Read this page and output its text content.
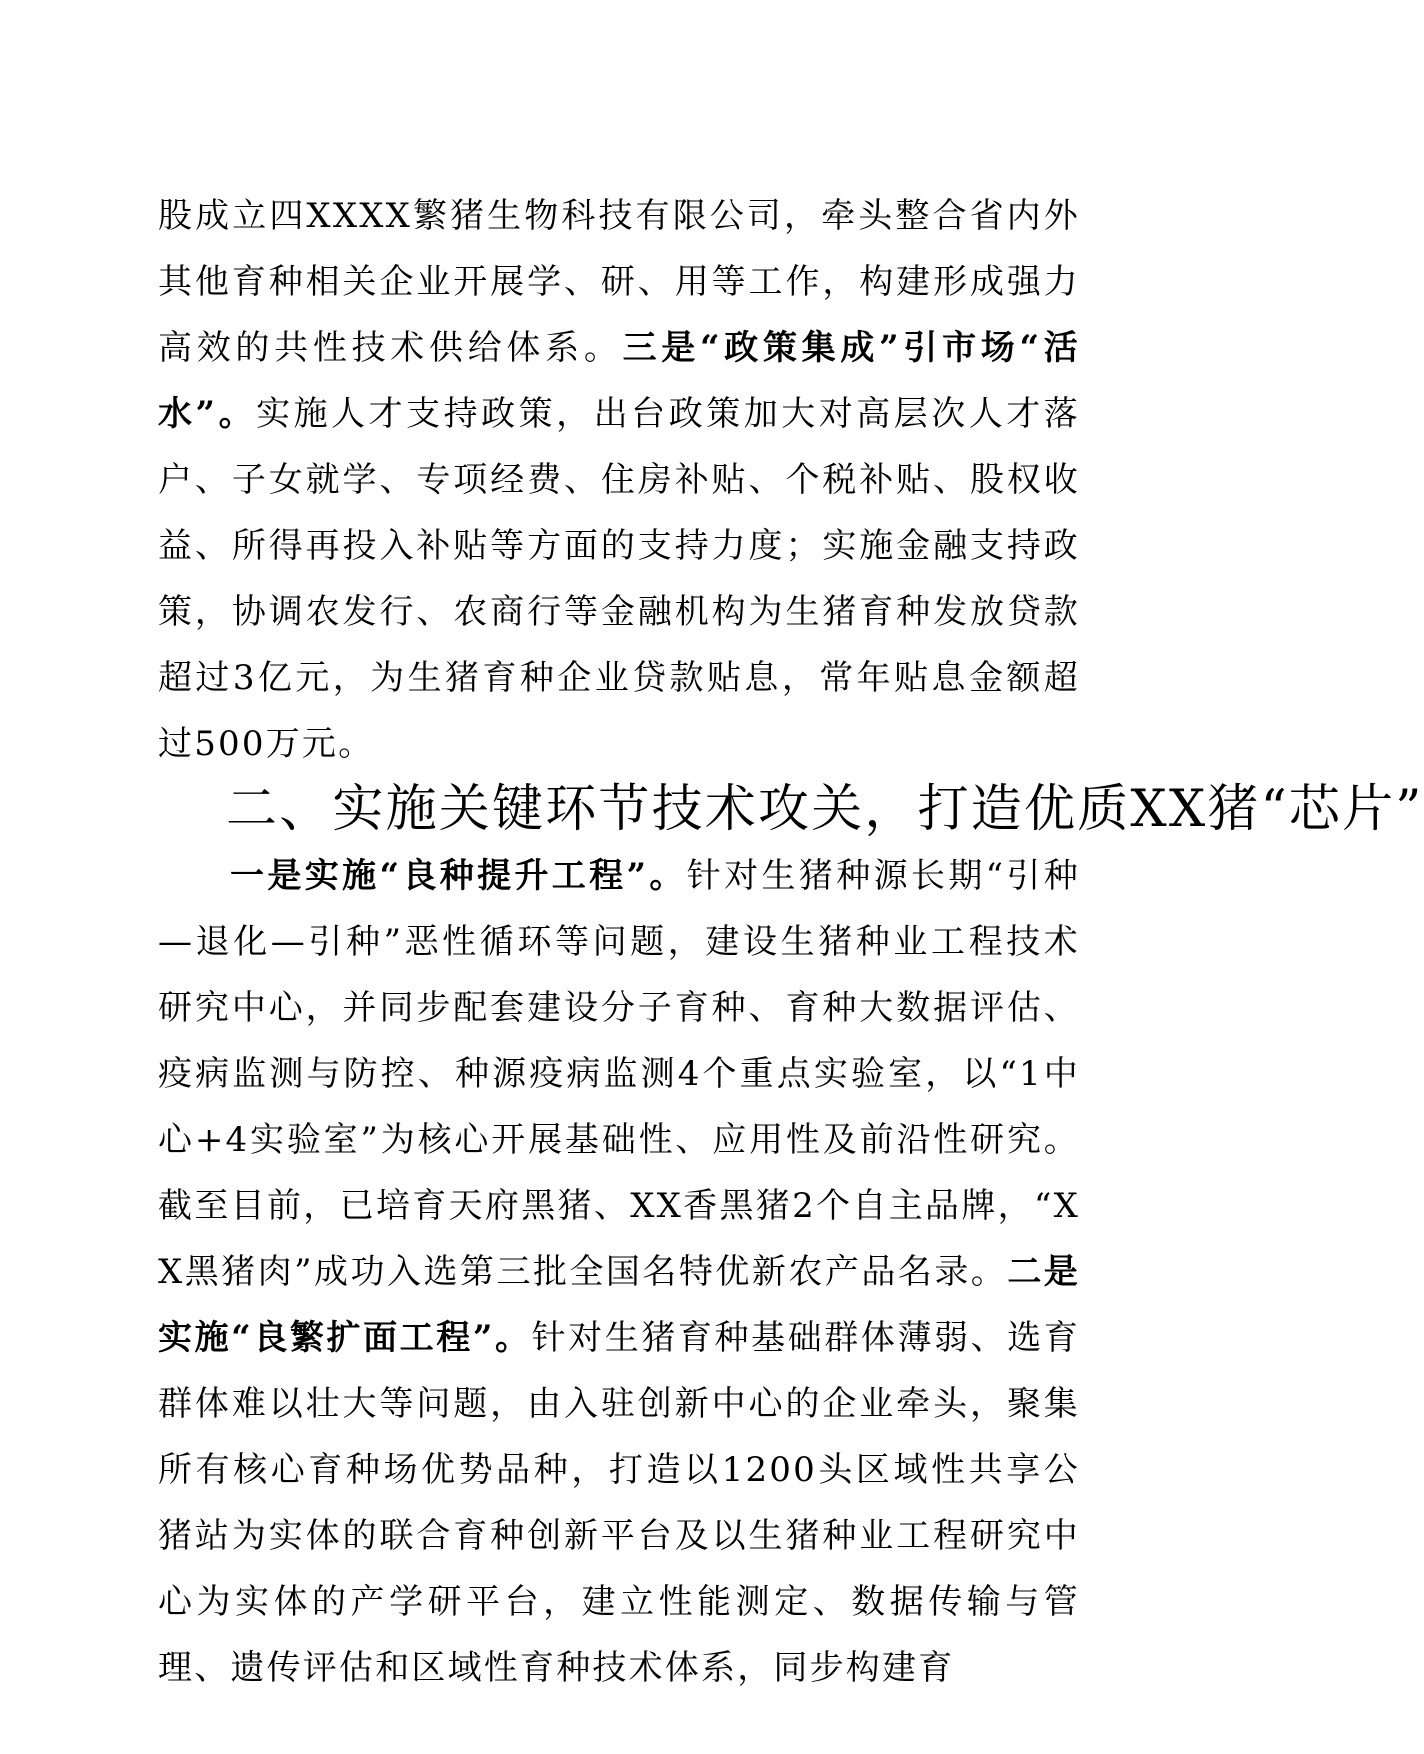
股成立四XXXX繁猪生物科技有限公司，牵头整合省内外其他育种相关企业开展学、研、用等工作，构建形成强力高效的共性技术供给体系。三是“政策集成”引市场“活水”。实施人才支持政策，出台政策加大对高层次人才落户、子女就学、专项经费、住房补贴、个税补贴、股权收益、所得再投入补贴等方面的支持力度；实施金融支持政策，协调农发行、农商行等金融机构为生猪育种发放贷款超过3亿元，为生猪育种企业贷款贴息，常年贴息金额超过500万元。

二、实施关键环节技术攻关，打造优质XX猪“芯片”

一是实施“良种提升工程”。针对生猪种源长期“引种—退化—引种”恶性循环等问题，建设生猪种业工程技术研究中心，并同步配套建设分子育种、育种大数据评估、疫病监测与防控、种源疫病监测4个重点实验室，以“1中心+4实验室”为核心开展基础性、应用性及前沿性研究。截至目前，已培育天府黑猪、XX香黑猪2个自主品牌，“XX黑猪肉”成功入选第三批全国名特优新农产品名录。二是实施“良繁扩面工程”。针对生猪育种基础群体薄弱、选育群体难以壮大等问题，由入驻创新中心的企业牵头，聚集所有核心育种场优势品种，打造以1200头区域性共享公猪站为实体的联合育种创新平台及以生猪种业工程研究中心为实体的产学研平台，建立性能测定、数据传输与管理、遗传评估和区域性育种技术体系，同步构建育
